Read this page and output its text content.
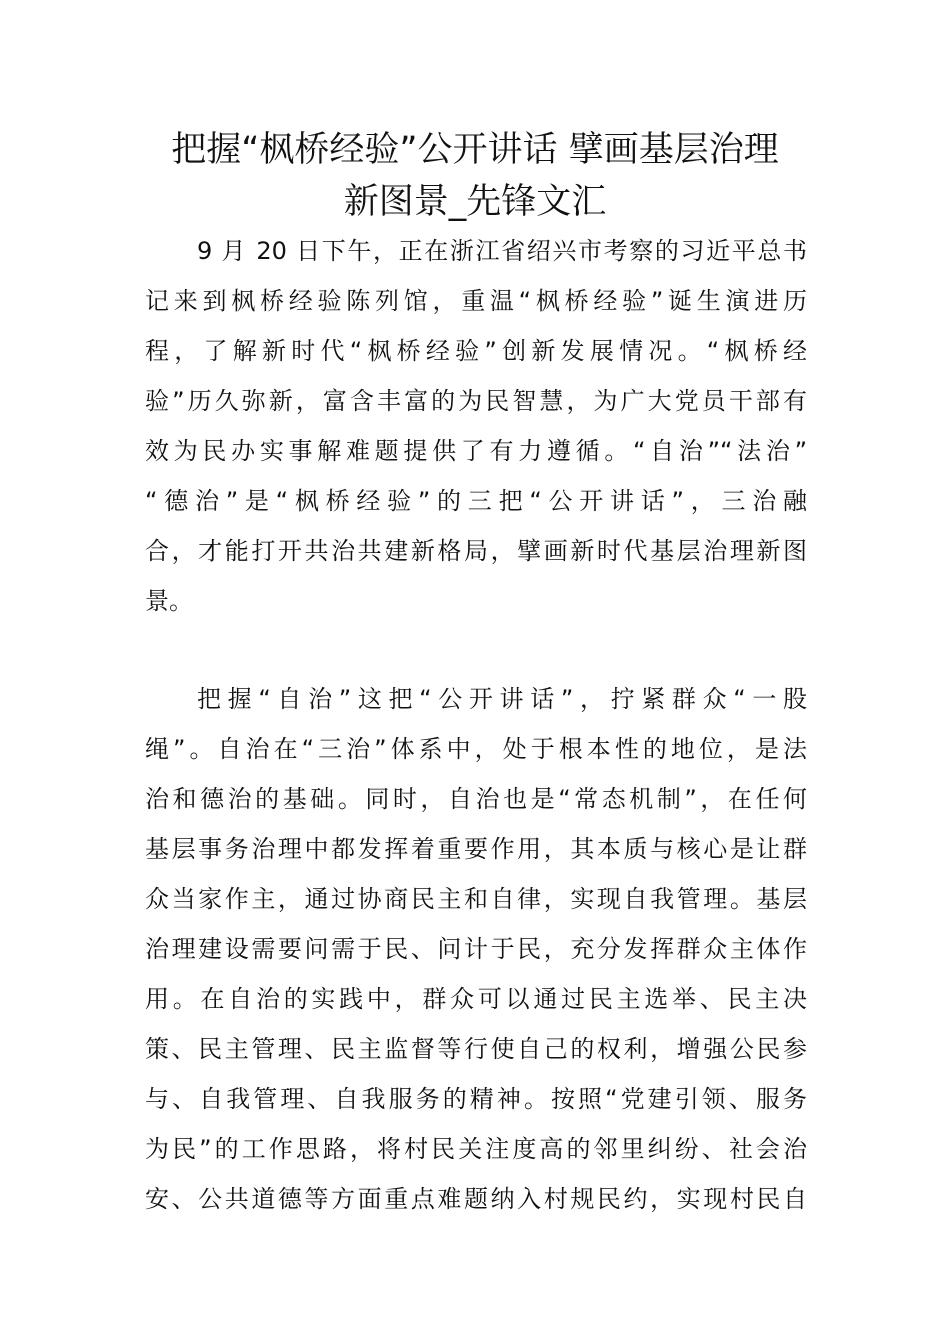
把握“枫桥经验”公开讲话 擘画基层治理
新图景_先锋文汇

9 月 20 日下午，正在浙江省绍兴市考察的习近平总书

记来到枫桥经验陈列馆，重温“枫桥经验”诞生演进历

程，了解新时代“枫桥经验”创新发展情况。“枫桥经

验”历久弥新，富含丰富的为民智慧，为广大党员干部有

效为民办实事解难题提供了有力遵循。“自治”“法治”

“德治”是“枫桥经验”的三把“公开讲话”，三治融

合，才能打开共治共建新格局，擘画新时代基层治理新图

景。

把握“自治”这把“公开讲话”，拧紧群众“一股

绳”。自治在“三治”体系中，处于根本性的地位，是法

治和德治的基础。同时，自治也是“常态机制”，在任何

基层事务治理中都发挥着重要作用，其本质与核心是让群

众当家作主，通过协商民主和自律，实现自我管理。基层

治理建设需要问需于民、问计于民，充分发挥群众主体作

用。在自治的实践中，群众可以通过民主选举、民主决

策、民主管理、民主监督等行使自己的权利，增强公民参

与、自我管理、自我服务的精神。按照“党建引领、服务

为民”的工作思路，将村民关注度高的邻里纠纷、社会治

安、公共道德等方面重点难题纳入村规民约，实现村民自
